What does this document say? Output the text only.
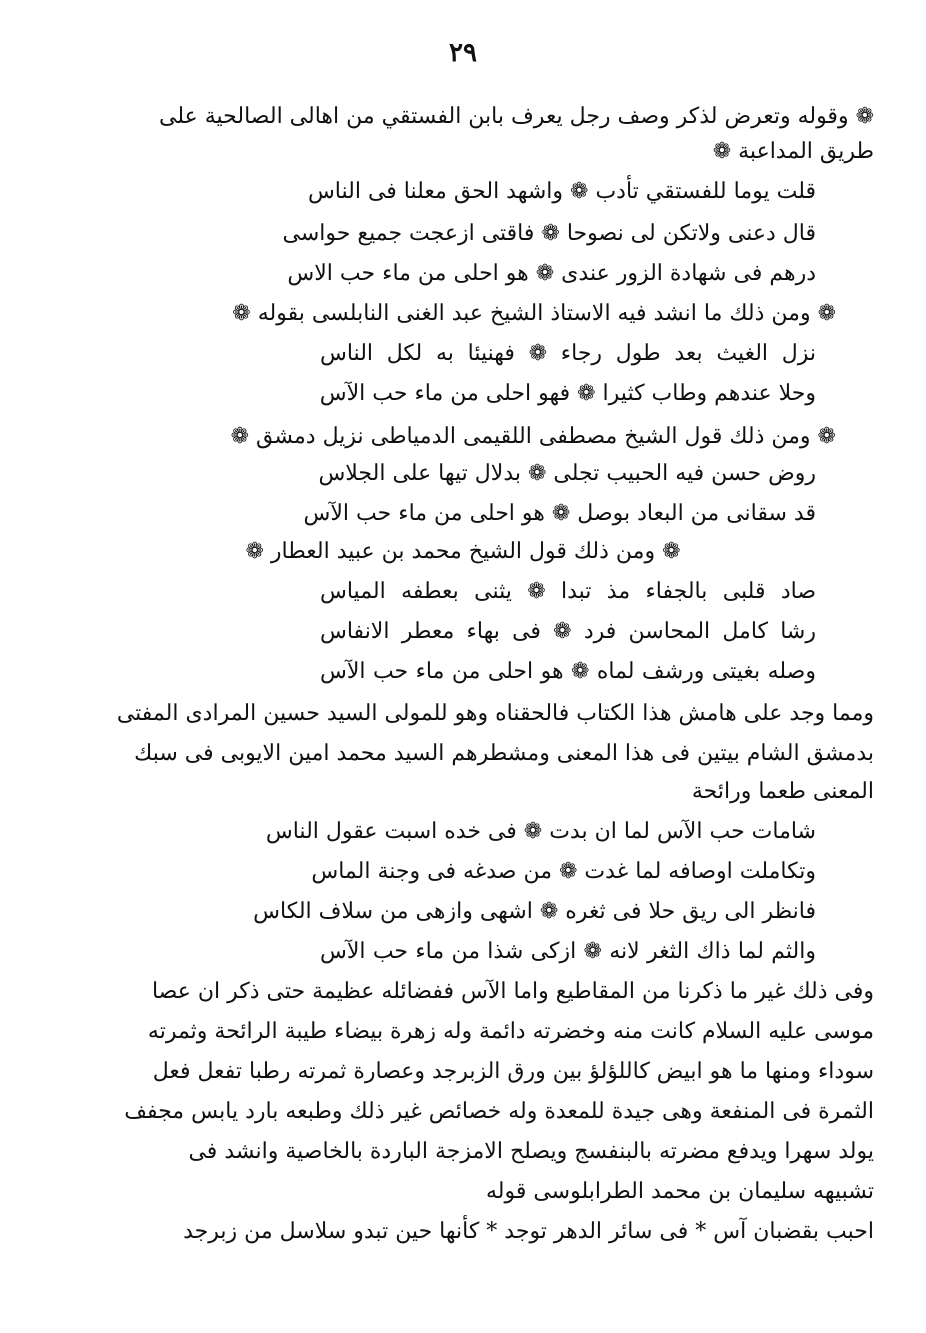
٢٩
❁ وقوله وتعرض لذكر وصف رجل يعرف بابن الفستقي من اهالى الصالحية على
طريق المداعبة ❁
قلت يوما للفستقي تأدب ❁ واشهد الحق معلنا فى الناس
قال دعنى ولاتكن لى نصوحا ❁ فاقتى ازعجت جميع حواسى
درهم فى شهادة الزور عندى ❁ هو احلى من ماء حب الاس
❁ ومن ذلك ما انشد فيه الاستاذ الشيخ عبد الغنى النابلسى بقوله ❁
نزل الغيث بعد طول رجاء ❁ فهنيئا به لكل الناس
وحلا عندهم وطاب كثيرا ❁ فهو احلى من ماء حب الآس
❁ ومن ذلك قول الشيخ مصطفى اللقيمى الدمياطى نزيل دمشق ❁
روض حسن فيه الحبيب تجلى ❁ بدلال تيها على الجلاس
قد سقانى من البعاد بوصل ❁ هو احلى من ماء حب الآس
❁ ومن ذلك قول الشيخ محمد بن عبيد العطار ❁
صاد قلبى بالجفاء مذ تبدا ❁ يثنى بعطفه المياس
رشا كامل المحاسن فرد ❁ فى بهاء معطر الانفاس
وصله بغيتى ورشف لماه ❁ هو احلى من ماء حب الآس
ومما وجد على هامش هذا الكتاب فالحقناه وهو للمولى السيد حسين المرادى المفتى
بدمشق الشام بيتين فى هذا المعنى ومشطرهم السيد محمد امين الايوبى فى سبك
المعنى طعما ورائحة
شامات حب الآس لما ان بدت ❁ فى خده اسبت عقول الناس
وتكاملت اوصافه لما غدت ❁ من صدغه فى وجنة الماس
فانظر الى ريق حلا فى ثغره ❁ اشهى وازهى من سلاف الكاس
والثم لما ذاك الثغر لانه ❁ ازكى شذا من ماء حب الآس
وفى ذلك غير ما ذكرنا من المقاطيع واما الآس ففضائله عظيمة حتى ذكر ان عصا
موسى عليه السلام كانت منه وخضرته دائمة وله زهرة بيضاء طيبة الرائحة وثمرته
سوداء ومنها ما هو ابيض كاللؤلؤ بين ورق الزبرجد وعصارة ثمرته رطبا تفعل فعل
الثمرة فى المنفعة وهى جيدة للمعدة وله خصائص غير ذلك وطبعه بارد يابس مجفف
يولد سهرا ويدفع مضرته بالبنفسج ويصلح الامزجة الباردة بالخاصية وانشد فى
تشبيهه سليمان بن محمد الطرابلوسى قوله
احبب بقضبان آس * فى سائر الدهر توجد * كأنها حين تبدو سلاسل من زبرجد
